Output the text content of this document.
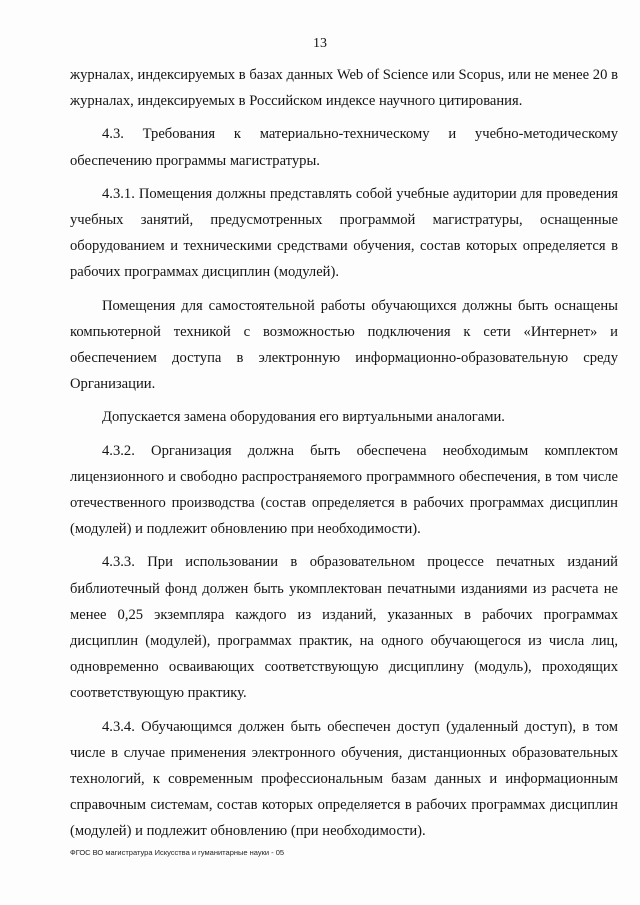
13

журналах, индексируемых в базах данных Web of Science или Scopus, или не менее 20 в журналах, индексируемых в Российском индексе научного цитирования.

4.3. Требования к материально-техническому и учебно-методическому обеспечению программы магистратуры.

4.3.1. Помещения должны представлять собой учебные аудитории для проведения учебных занятий, предусмотренных программой магистратуры, оснащенные оборудованием и техническими средствами обучения, состав которых определяется в рабочих программах дисциплин (модулей).

Помещения для самостоятельной работы обучающихся должны быть оснащены компьютерной техникой с возможностью подключения к сети «Интернет» и обеспечением доступа в электронную информационно-образовательную среду Организации.

Допускается замена оборудования его виртуальными аналогами.

4.3.2. Организация должна быть обеспечена необходимым комплектом лицензионного и свободно распространяемого программного обеспечения, в том числе отечественного производства (состав определяется в рабочих программах дисциплин (модулей) и подлежит обновлению при необходимости).

4.3.3. При использовании в образовательном процессе печатных изданий библиотечный фонд должен быть укомплектован печатными изданиями из расчета не менее 0,25 экземпляра каждого из изданий, указанных в рабочих программах дисциплин (модулей), программах практик, на одного обучающегося из числа лиц, одновременно осваивающих соответствующую дисциплину (модуль), проходящих соответствующую практику.

4.3.4. Обучающимся должен быть обеспечен доступ (удаленный доступ), в том числе в случае применения электронного обучения, дистанционных образовательных технологий, к современным профессиональным базам данных и информационным справочным системам, состав которых определяется в рабочих программах дисциплин (модулей) и подлежит обновлению (при необходимости).

ФГОС ВО магистратура Искусства и гуманитарные науки - 05
